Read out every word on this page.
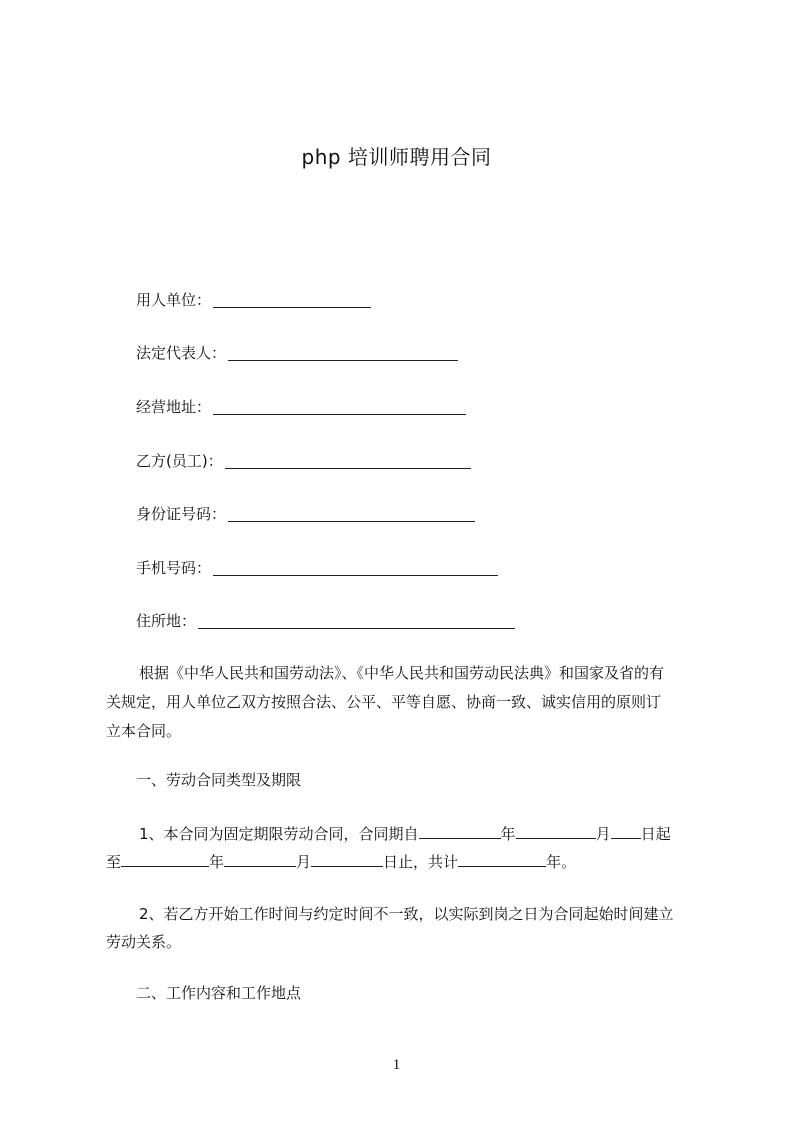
php 培训师聘用合同
用人单位：
法定代表人：
经营地址：
乙方(员工)：
身份证号码：
手机号码：
住所地：
根据《中华人民共和国劳动法》、《中华人民共和国劳动民法典》和国家及省的有
关规定，用人单位乙双方按照合法、公平、平等自愿、协商一致、诚实信用的原则订
立本合同。
一、劳动合同类型及期限
1、本合同为固定期限劳动合同，合同期自	年	月 日起
至	年	月	日止，共计	年。
2、若乙方开始工作时间与约定时间不一致，以实际到岗之日为合同起始时间建立
劳动关系。
二、工作内容和工作地点
1
